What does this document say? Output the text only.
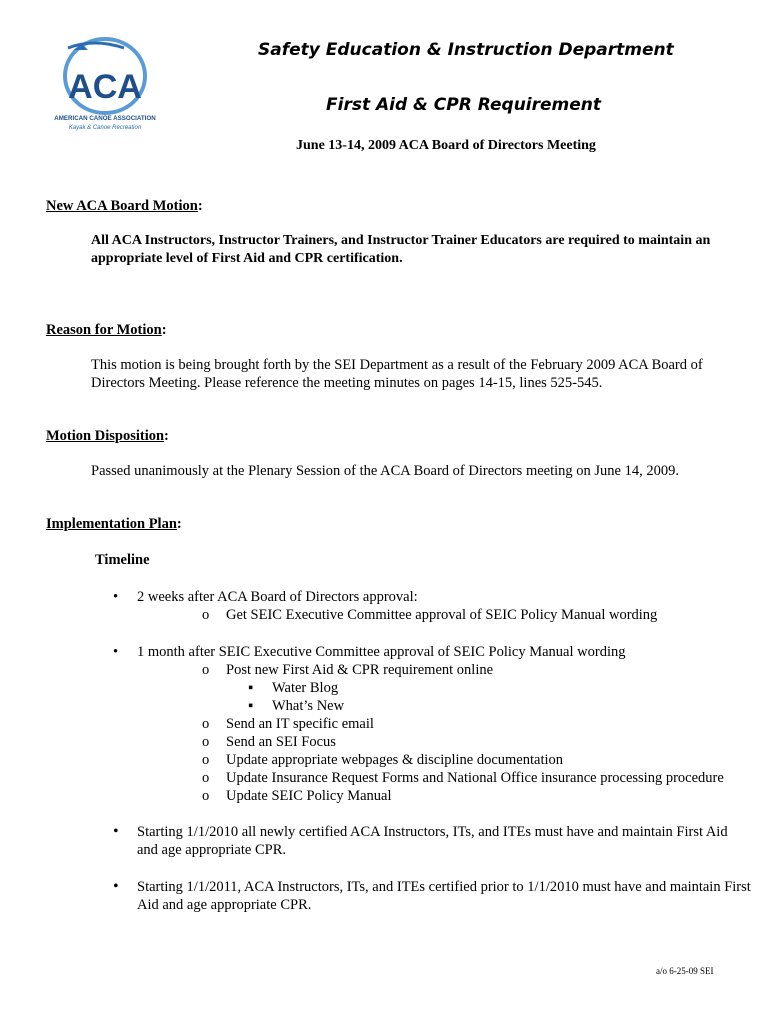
ACA
AMERICAN CANOE ASSOCIATION
Kayak & Canoe Recreation
Safety Education & Instruction Department
First Aid & CPR Requirement
June 13-14, 2009 ACA Board of Directors Meeting
New ACA Board Motion:
All ACA Instructors, Instructor Trainers, and Instructor Trainer Educators are required to maintain an appropriate level of First Aid and CPR certification.
Reason for Motion:
This motion is being brought forth by the SEI Department as a result of the February 2009 ACA Board of Directors Meeting. Please reference the meeting minutes on pages 14-15, lines 525-545.
Motion Disposition:
Passed unanimously at the Plenary Session of the ACA Board of Directors meeting on June 14, 2009.
Implementation Plan:
Timeline
• 2 weeks after ACA Board of Directors approval:
o Get SEIC Executive Committee approval of SEIC Policy Manual wording
• 1 month after SEIC Executive Committee approval of SEIC Policy Manual wording
o Post new First Aid & CPR requirement online
▪ Water Blog
▪ What’s New
o Send an IT specific email
o Send an SEI Focus
o Update appropriate webpages & discipline documentation
o Update Insurance Request Forms and National Office insurance processing procedure
o Update SEIC Policy Manual
•	Starting 1/1/2010 all newly certified ACA Instructors, ITs, and ITEs must have and maintain First Aid and age appropriate CPR.
•	Starting 1/1/2011, ACA Instructors, ITs, and ITEs certified prior to 1/1/2010 must have and maintain First Aid and age appropriate CPR.
a/o 6-25-09 SEI
